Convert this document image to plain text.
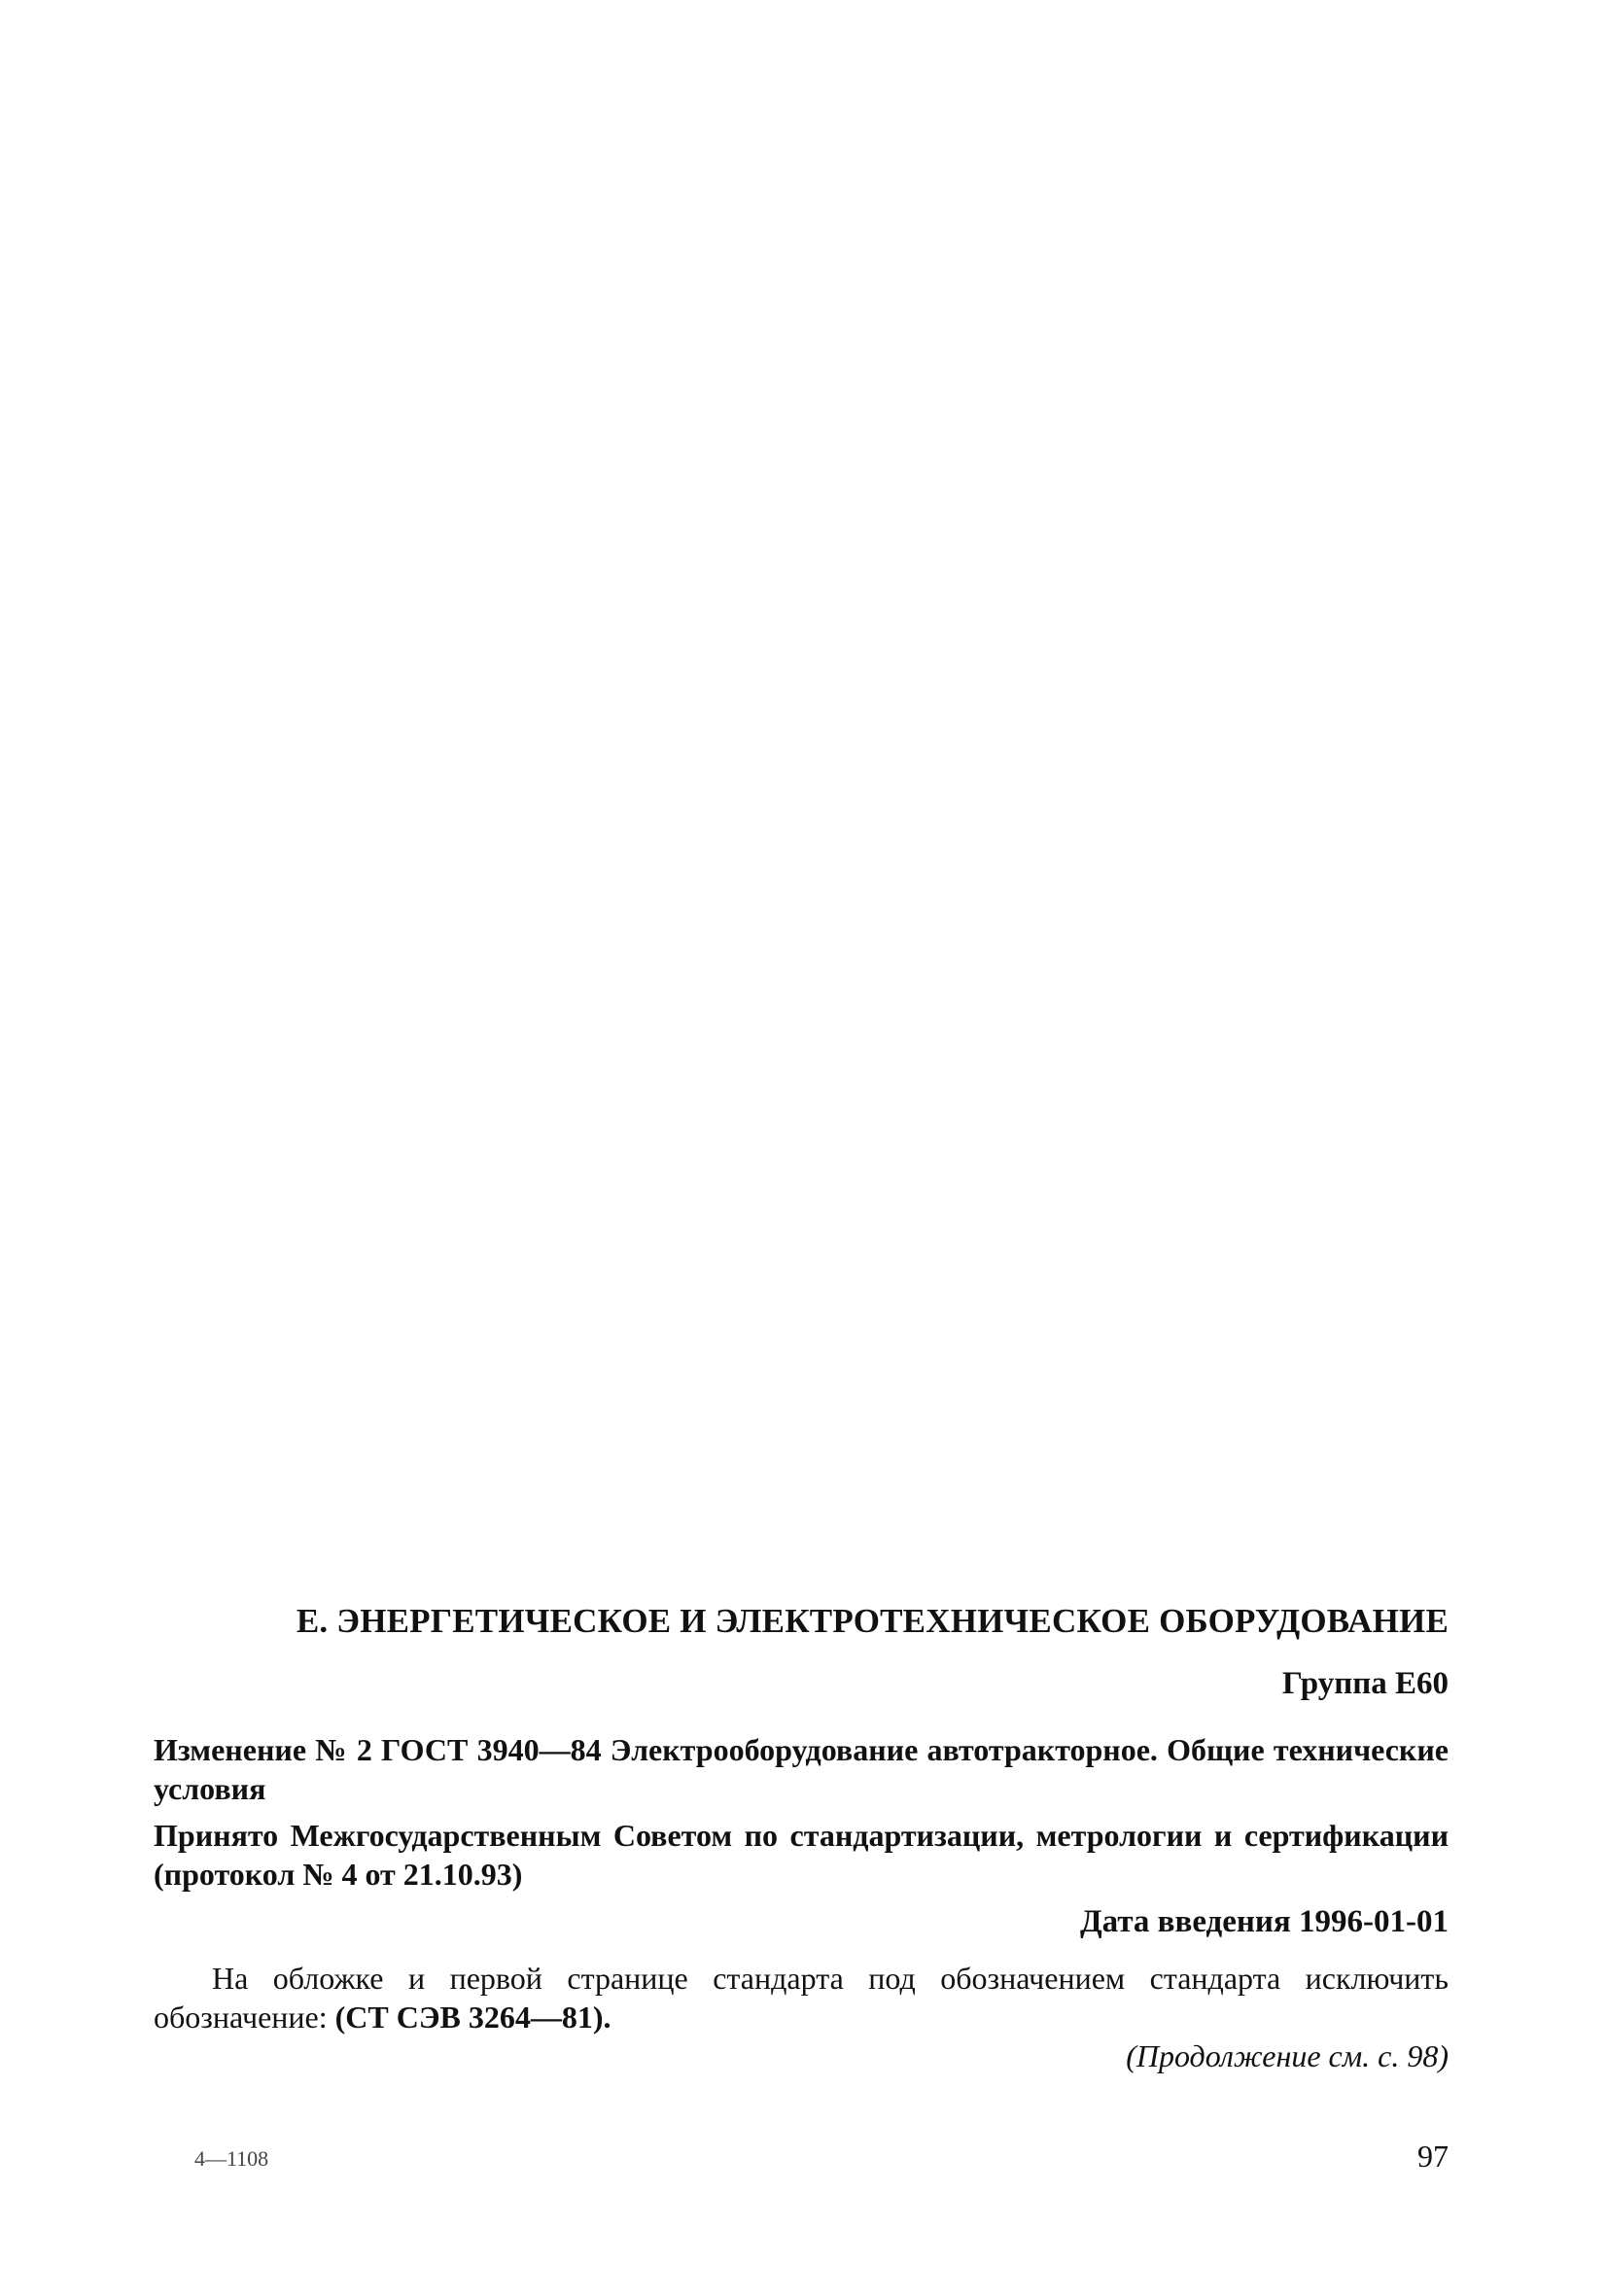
Е. ЭНЕРГЕТИЧЕСКОЕ И ЭЛЕКТРОТЕХНИЧЕСКОЕ ОБОРУДОВАНИЕ
Группа Е60
Изменение № 2 ГОСТ 3940—84 Электрооборудование автотракторное. Общие технические условия
Принято Межгосударственным Советом по стандартизации, метрологии и сертификации (протокол № 4 от 21.10.93)
Дата введения 1996-01-01

На обложке и первой странице стандарта под обозначением стандарта исключить обозначение: (СТ СЭВ 3264—81).

(Продолжение см. с. 98)
4—1108	97
